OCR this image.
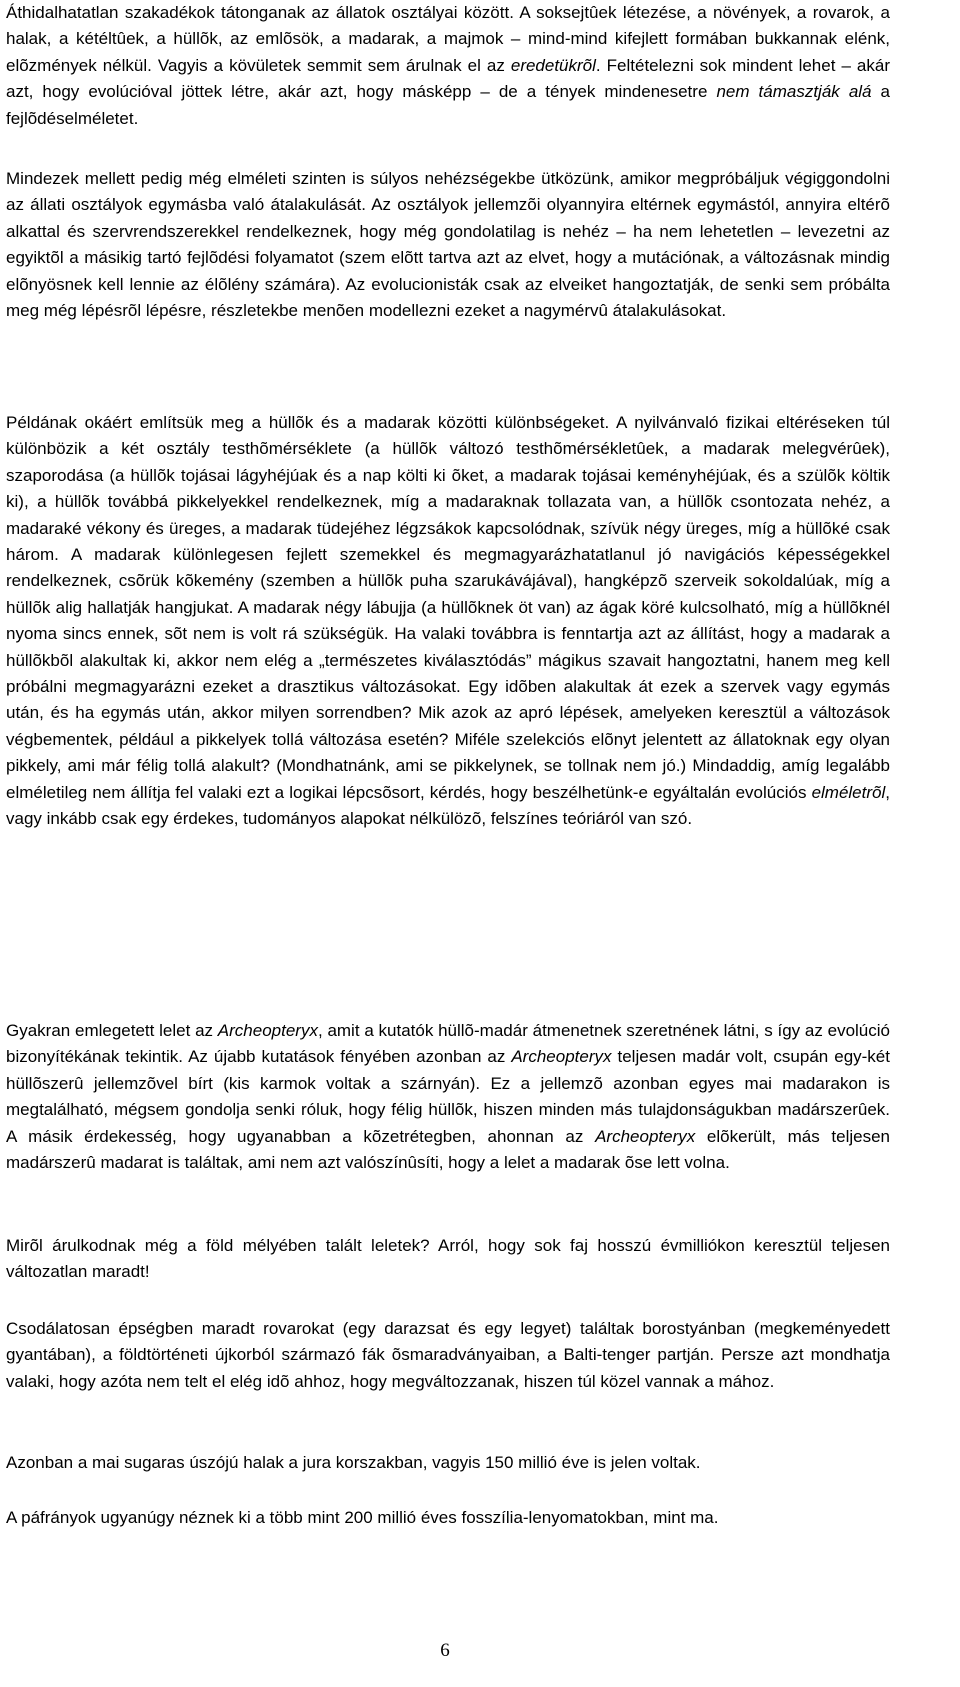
Áthidalhatatlan szakadékok tátonganak az állatok osztályai között. A soksejtûek létezése, a növények, a rovarok, a halak, a kétéltûek, a hüllõk, az emlõsök, a madarak, a majmok – mind-mind kifejlett formában bukkannak elénk, elõzmények nélkül. Vagyis a kövületek semmit sem árulnak el az eredetükrõl. Feltételezni sok mindent lehet – akár azt, hogy evolúcióval jöttek létre, akár azt, hogy másképp – de a tények mindenesetre nem támasztják alá a fejlõdéselméletet.

Mindezek mellett pedig még elméleti szinten is súlyos nehézségekbe ütközünk, amikor megpróbáljuk végiggondolni az állati osztályok egymásba való átalakulását. Az osztályok jellemzõi olyannyira eltérnek egymástól, annyira eltérõ alkattal és szervrendszerekkel rendelkeznek, hogy még gondolatilag is nehéz – ha nem lehetetlen – levezetni az egyiktõl a másikig tartó fejlõdési folyamatot (szem elõtt tartva azt az elvet, hogy a mutációnak, a változásnak mindig elõnyösnek kell lennie az élõlény számára). Az evolucionisták csak az elveiket hangoztatják, de senki sem próbálta meg még lépésrõl lépésre, részletekbe menõen modellezni ezeket a nagymérvû átalakulásokat.

Példának okáért említsük meg a hüllõk és a madarak közötti különbségeket. A nyilvánvaló fizikai eltéréseken túl különbözik a két osztály testhõmérséklete (a hüllõk változó testhõmérsékletûek, a madarak melegvérûek), szaporodása (a hüllõk tojásai lágyhéjúak és a nap költi ki õket, a madarak tojásai keményhéjúak, és a szülõk költik ki), a hüllõk továbbá pikkelyekkel rendelkeznek, míg a madaraknak tollazata van, a hüllõk csontozata nehéz, a madaraké vékony és üreges, a madarak tüdejéhez légzsákok kapcsolódnak, szívük négy üreges, míg a hüllõké csak három. A madarak különlegesen fejlett szemekkel és megmagyarázhatatlanul jó navigációs képességekkel rendelkeznek, csõrük kõkemény (szemben a hüllõk puha szarukávájával), hangképzõ szerveik sokoldalúak, míg a hüllõk alig hallatják hangjukat. A madarak négy lábujja (a hüllõknek öt van) az ágak köré kulcsolható, míg a hüllõknél nyoma sincs ennek, sõt nem is volt rá szükségük. Ha valaki továbbra is fenntartja azt az állítást, hogy a madarak a hüllõkbõl alakultak ki, akkor nem elég a „természetes kiválasztódás” mágikus szavait hangoztatni, hanem meg kell próbálni megmagyarázni ezeket a drasztikus változásokat. Egy idõben alakultak át ezek a szervek vagy egymás után, és ha egymás után, akkor milyen sorrendben? Mik azok az apró lépések, amelyeken keresztül a változások végbementek, például a pikkelyek tollá változása esetén? Miféle szelekciós elõnyt jelentett az állatoknak egy olyan pikkely, ami már félig tollá alakult? (Mondhatnánk, ami se pikkelynek, se tollnak nem jó.) Mindaddig, amíg legalább elméletileg nem állítja fel valaki ezt a logikai lépcsõsort, kérdés, hogy beszélhetünk-e egyáltalán evolúciós elméletrõl, vagy inkább csak egy érdekes, tudományos alapokat nélkülözõ, felszínes teóriáról van szó.

Gyakran emlegetett lelet az Archeopteryx, amit a kutatók hüllõ-madár átmenetnek szeretnének látni, s így az evolúció bizonyítékának tekintik. Az újabb kutatások fényében azonban az Archeopteryx teljesen madár volt, csupán egy-két hüllõszerû jellemzõvel bírt (kis karmok voltak a szárnyán). Ez a jellemzõ azonban egyes mai madarakon is megtalálható, mégsem gondolja senki róluk, hogy félig hüllõk, hiszen minden más tulajdonságukban madárszerûek. A másik érdekesség, hogy ugyanabban a kõzetrétegben, ahonnan az Archeopteryx elõkerült, más teljesen madárszerû madarat is találtak, ami nem azt valószínûsíti, hogy a lelet a madarak õse lett volna.

Mirõl árulkodnak még a föld mélyében talált leletek? Arról, hogy sok faj hosszú évmilliókon keresztül teljesen változatlan maradt!

Csodálatosan épségben maradt rovarokat (egy darazsat és egy legyet) találtak borostyánban (megkeményedett gyantában), a földtörténeti újkorból származó fák õsmaradványaiban, a Balti-tenger partján. Persze azt mondhatja valaki, hogy azóta nem telt el elég idõ ahhoz, hogy megváltozzanak, hiszen túl közel vannak a mához.

Azonban a mai sugaras úszójú halak a jura korszakban, vagyis 150 millió éve is jelen voltak.

A páfrányok ugyanúgy néznek ki a több mint 200 millió éves fosszília-lenyomatokban, mint ma.

6
